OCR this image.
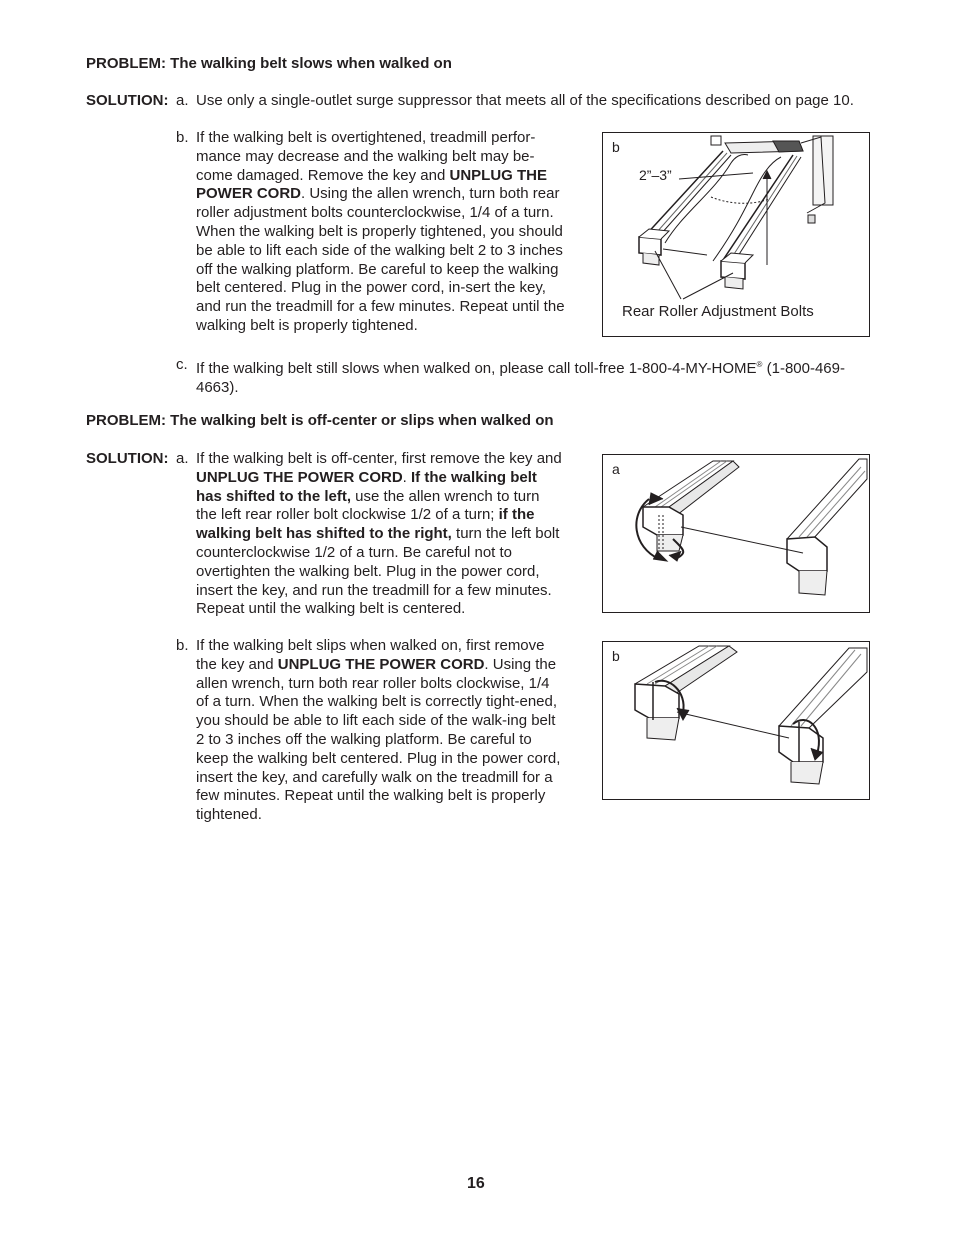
PROBLEM: The walking belt slows when walked on
SOLUTION: a. Use only a single-outlet surge suppressor that meets all of the specifications described on page 10.
b. If the walking belt is overtightened, treadmill perfor-mance may decrease and the walking belt may be-come damaged. Remove the key and UNPLUG THE POWER CORD. Using the allen wrench, turn both rear roller adjustment bolts counterclockwise, 1/4 of a turn. When the walking belt is properly tightened, you should be able to lift each side of the walking belt 2 to 3 inches off the walking platform. Be careful to keep the walking belt centered. Plug in the power cord, in-sert the key, and run the treadmill for a few minutes. Repeat until the walking belt is properly tightened.
b
2”–3”
Rear Roller Adjustment Bolts
c. If the walking belt still slows when walked on, please call toll-free 1-800-4-MY-HOME® (1-800-469-4663).
PROBLEM: The walking belt is off-center or slips when walked on
SOLUTION: a. If the walking belt is off-center, first remove the key and UNPLUG THE POWER CORD. If the walking belt has shifted to the left, use the allen wrench to turn the left rear roller bolt clockwise 1/2 of a turn; if the walking belt has shifted to the right, turn the left bolt counterclockwise 1/2 of a turn. Be careful not to overtighten the walking belt. Plug in the power cord, insert the key, and run the treadmill for a few minutes. Repeat until the walking belt is centered.
a
b. If the walking belt slips when walked on, first remove the key and UNPLUG THE POWER CORD. Using the allen wrench, turn both rear roller bolts clockwise, 1/4 of a turn. When the walking belt is correctly tight-ened, you should be able to lift each side of the walk-ing belt 2 to 3 inches off the walking platform. Be careful to keep the walking belt centered. Plug in the power cord, insert the key, and carefully walk on the treadmill for a few minutes. Repeat until the walking belt is properly tightened.
b
16
